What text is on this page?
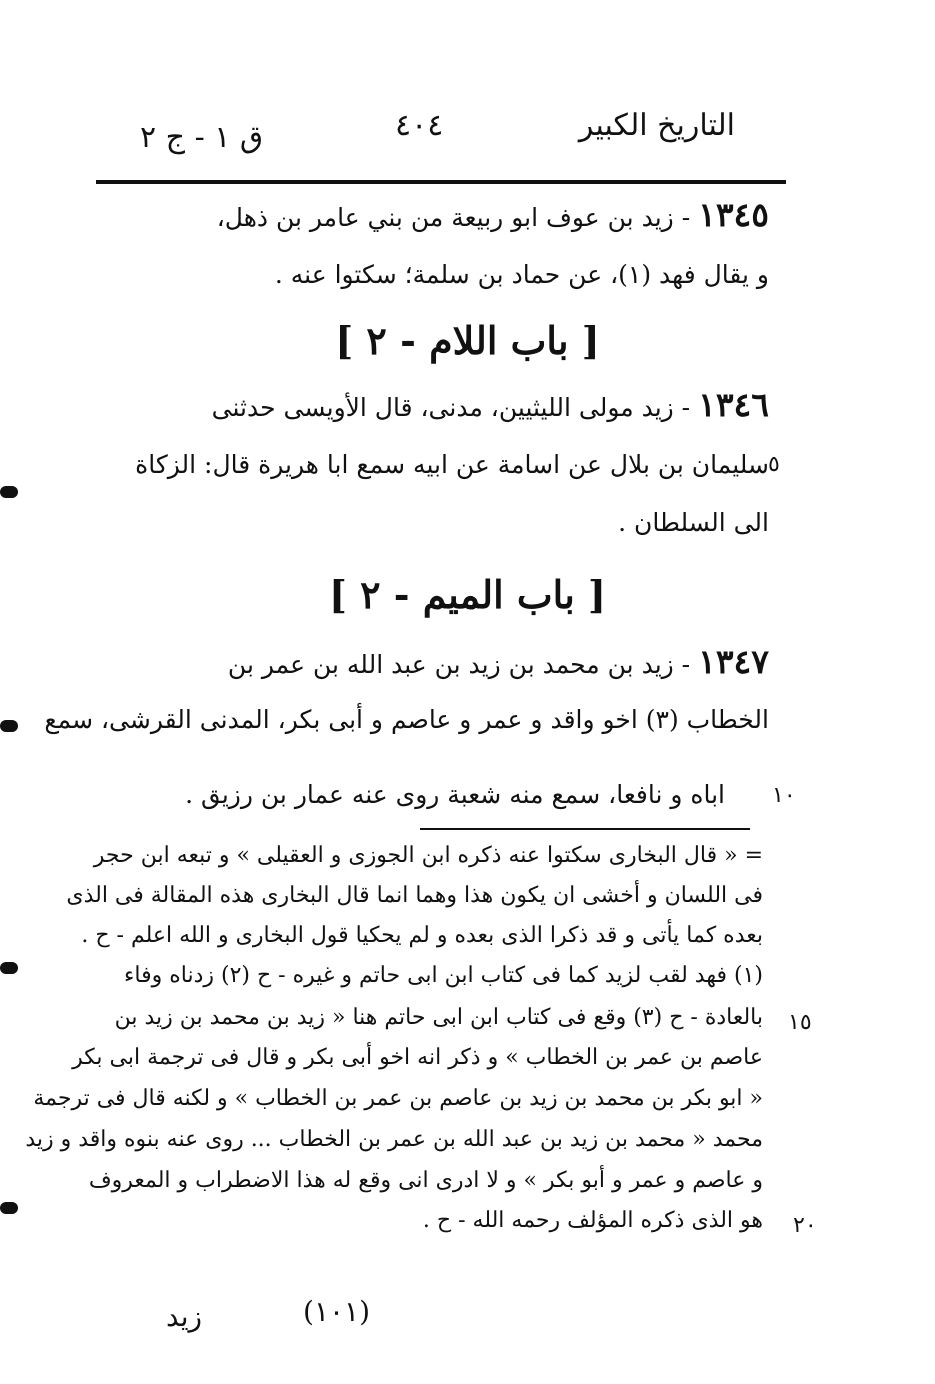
التاريخ الكبير
٤٠٤
ق ١ - ج ٢
١٣٤٥ - زيد بن عوف ابو ربيعة من بني عامر بن ذهل،
و يقال فهد (١)، عن حماد بن سلمة؛ سكتوا عنه .
[ باب اللام - ٢ ]
١٣٤٦ - زيد مولى الليثيين، مدنى، قال الأويسى حدثنى
سليمان بن بلال عن اسامة عن ابيه سمع ابا هريرة قال: الزكاة ٥
الى السلطان .
[ باب الميم - ٢ ]
١٣٤٧ - زيد بن محمد بن زيد بن عبد الله بن عمر بن
الخطاب (٣) اخو واقد و عمر و عاصم و أبى بكر، المدنى القرشى، سمع
اباه و نافعا، سمع منه شعبة روى عنه عمار بن رزيق . ١٠
= « قال البخارى سكتوا عنه ذكره ابن الجوزى و العقيلى » و تبعه ابن حجر
فى اللسان و أخشى ان يكون هذا وهما انما قال البخارى هذه المقالة فى الذى
بعده كما يأتى و قد ذكرا الذى بعده و لم يحكيا قول البخارى و الله اعلم - ح .
(١) فهد لقب لزيد كما فى كتاب ابن ابى حاتم و غيره - ح (٢) زدناه وفاء
بالعادة - ح (٣) وقع فى كتاب ابن ابى حاتم هنا « زيد بن محمد بن زيد بن ١٥
عاصم بن عمر بن الخطاب » و ذكر انه اخو أبى بكر و قال فى ترجمة ابى بكر
« ابو بكر بن محمد بن زيد بن عاصم بن عمر بن الخطاب » و لكنه قال فى ترجمة
محمد « محمد بن زيد بن عبد الله بن عمر بن الخطاب ... روى عنه بنوه واقد و زيد
و عاصم و عمر و أبو بكر » و لا ادرى انى وقع له هذا الاضطراب و المعروف
هو الذى ذكره المؤلف رحمه الله - ح . ٢٠
(١٠١)
زيد
